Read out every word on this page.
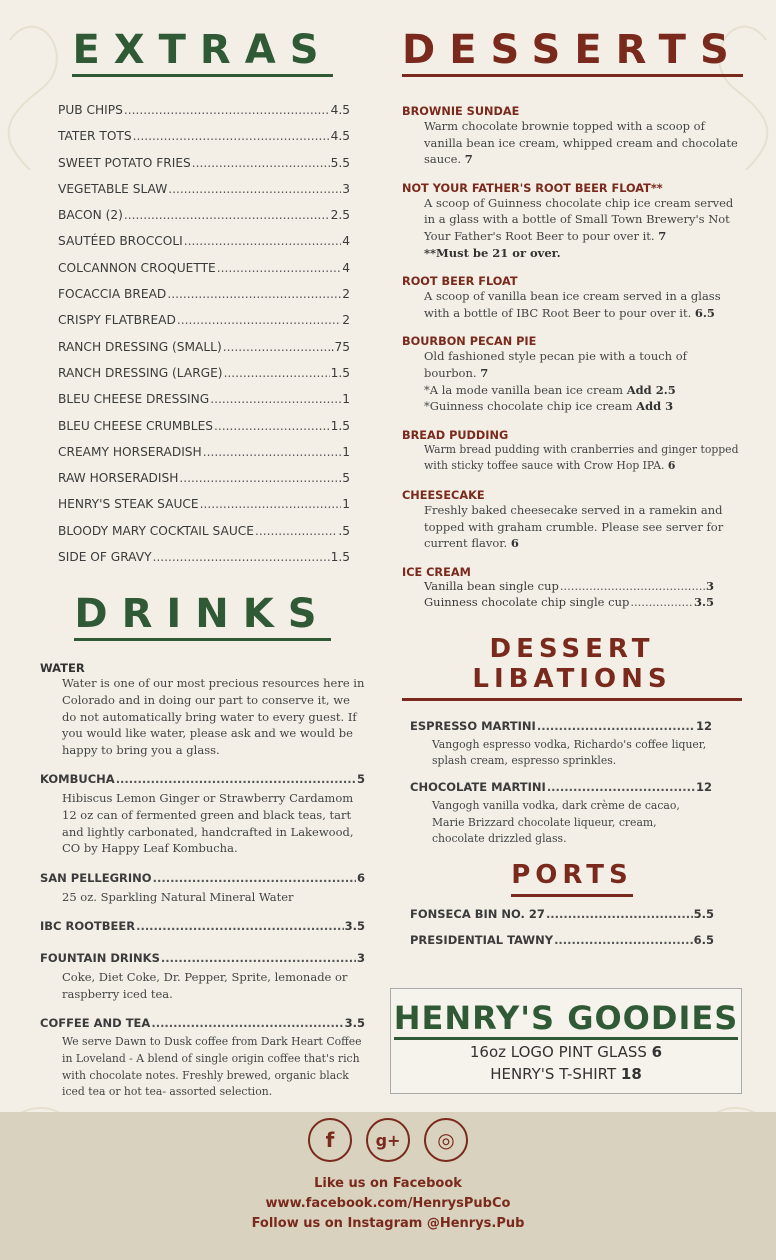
EXTRAS
PUB CHIPS .....	4.5
TATER TOTS .....	4.5
SWEET POTATO FRIES .....	5.5
VEGETABLE SLAW .....	3
BACON (2) .....	2.5
SAUTÉED BROCCOLI .....	4
COLCANNON CROQUETTE .....	4
FOCACCIA BREAD .....	2
CRISPY FLATBREAD .....	2
RANCH DRESSING (SMALL) .....	.75
RANCH DRESSING (LARGE) .....	1.5
BLEU CHEESE DRESSING .....	1
BLEU CHEESE CRUMBLES .....	1.5
CREAMY HORSERADISH .....	1
RAW HORSERADISH .....	.5
HENRY'S STEAK SAUCE .....	1
BLOODY MARY COCKTAIL SAUCE .....	.5
SIDE OF GRAVY .....	1.5
DRINKS
WATER
Water is one of our most precious resources here in Colorado and in doing our part to conserve it, we do not automatically bring water to every guest. If you would like water, please ask and we would be happy to bring you a glass.
KOMBUCHA .....	5
Hibiscus Lemon Ginger or Strawberry Cardamom 12 oz can of fermented green and black teas, tart and lightly carbonated, handcrafted in Lakewood, CO by Happy Leaf Kombucha.
SAN PELLEGRINO .....	6
25 oz. Sparkling Natural Mineral Water
IBC ROOTBEER .....	3.5
FOUNTAIN DRINKS .....	3
Coke, Diet Coke, Dr. Pepper, Sprite, lemonade or raspberry iced tea.
COFFEE AND TEA .....	3.5
We serve Dawn to Dusk coffee from Dark Heart Coffee in Loveland - A blend of single origin coffee that's rich with chocolate notes. Freshly brewed, organic black iced tea or hot tea- assorted selection.
DESSERTS
BROWNIE SUNDAE
Warm chocolate brownie topped with a scoop of vanilla bean ice cream, whipped cream and chocolate sauce. 7
NOT YOUR FATHER'S ROOT BEER FLOAT**
A scoop of Guinness chocolate chip ice cream served in a glass with a bottle of Small Town Brewery's Not Your Father's Root Beer to pour over it. 7
**Must be 21 or over.
ROOT BEER FLOAT
A scoop of vanilla bean ice cream served in a glass with a bottle of IBC Root Beer to pour over it. 6.5
BOURBON PECAN PIE
Old fashioned style pecan pie with a touch of bourbon. 7
*A la mode vanilla bean ice cream Add 2.5
*Guinness chocolate chip ice cream Add 3
BREAD PUDDING
Warm bread pudding with cranberries and ginger topped with sticky toffee sauce with Crow Hop IPA. 6
CHEESECAKE
Freshly baked cheesecake served in a ramekin and topped with graham crumble. Please see server for current flavor. 6
ICE CREAM
Vanilla bean single cup .....	3
Guinness chocolate chip single cup .....	3.5
DESSERT LIBATIONS
ESPRESSO MARTINI .....	12
Vangogh espresso vodka, Richardo's coffee liquer, splash cream, espresso sprinkles.
CHOCOLATE MARTINI .....	12
Vangogh vanilla vodka, dark crème de cacao, Marie Brizzard chocolate liqueur, cream, chocolate drizzled glass.
PORTS
FONSECA BIN NO. 27 .....	5.5
PRESIDENTIAL TAWNY .....	6.5
HENRY'S GOODIES
16oz LOGO PINT GLASS 6
HENRY'S T-SHIRT 18
f	g+	◎
Like us on Facebook
www.facebook.com/HenrysPubCo
Follow us on Instagram @Henrys.Pub
